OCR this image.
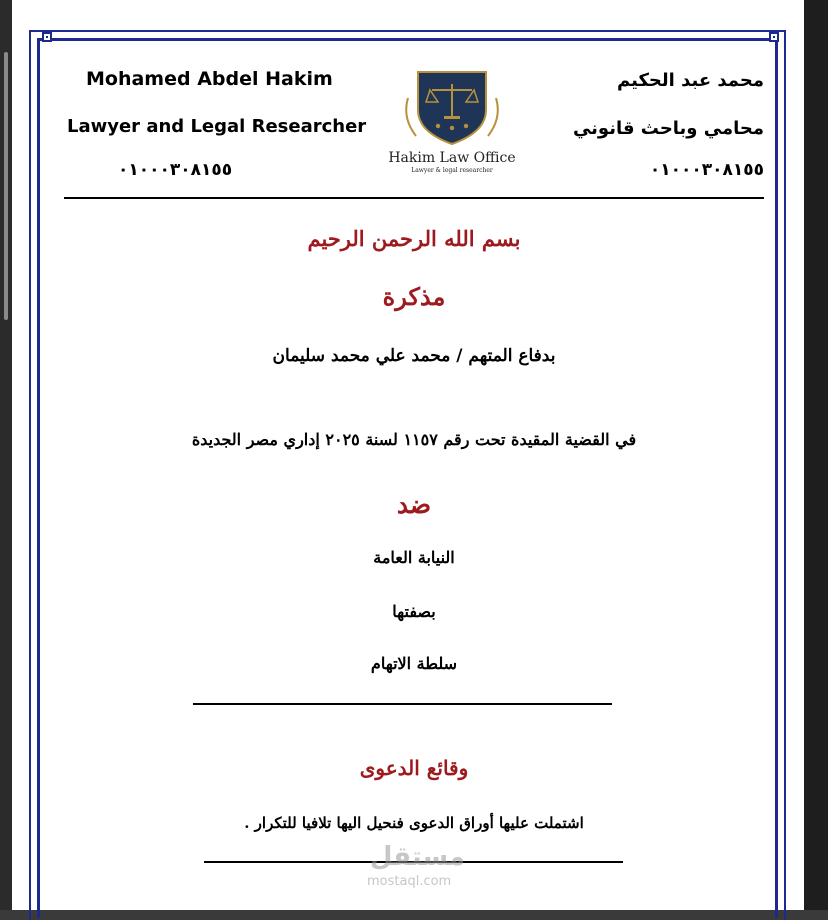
Mohamed Abdel Hakim
Lawyer and Legal Researcher
٠١٠٠٠٣٠٨١٥٥
محمد عبد الحكيم
محامي وباحث قانوني
٠١٠٠٠٣٠٨١٥٥
Hakim Law Office
Lawyer & legal researcher
بسم الله الرحمن الرحيم
مذكرة
بدفاع المتهم / محمد علي محمد سليمان
في القضية المقيدة تحت رقم ١١٥٧ لسنة ٢٠٢٥ إداري مصر الجديدة
ضد
النيابة العامة
بصفتها
سلطة الاتهام
وقائع الدعوى
اشتملت عليها أوراق الدعوى فنحيل اليها تلافيا للتكرار .
مستقل
mostaql.com
